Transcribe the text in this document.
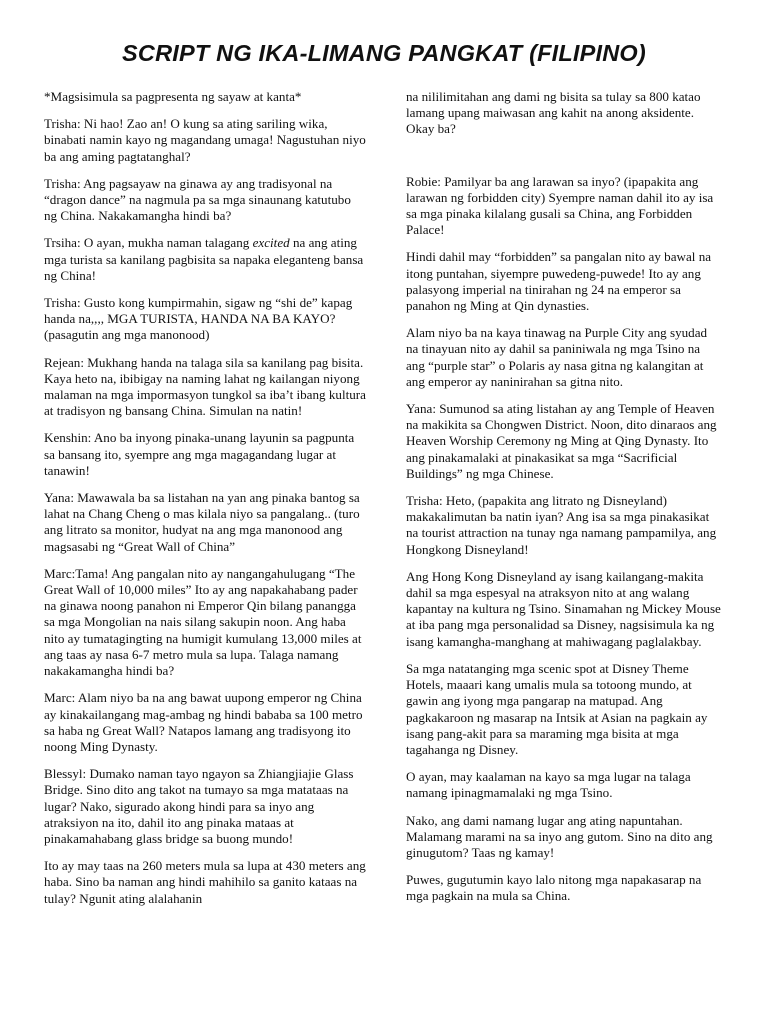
SCRIPT NG IKA-LIMANG PANGKAT (FILIPINO)

*Magsisimula sa pagpresenta ng sayaw at kanta*

Trisha: Ni hao! Zao an! O kung sa ating sariling wika, binabati namin kayo ng magandang umaga! Nagustuhan niyo ba ang aming pagtatanghal?

Trisha: Ang pagsayaw na ginawa ay ang tradisyonal na “dragon dance” na nagmula pa sa mga sinaunang katutubo ng China. Nakakamangha hindi ba?

Trsiha: O ayan, mukha naman talagang excited na ang ating mga turista sa kanilang pagbisita sa napaka eleganteng bansa ng China!

Trisha: Gusto kong kumpirmahin, sigaw ng “shi de” kapag handa na,,,, MGA TURISTA, HANDA NA BA KAYO? (pasagutin ang mga manonood)

Rejean: Mukhang handa na talaga sila sa kanilang pag bisita. Kaya heto na, ibibigay na naming lahat ng kailangan niyong malaman na mga impormasyon tungkol sa iba’t ibang kultura at tradisyon ng bansang China. Simulan na natin!

Kenshin: Ano ba inyong pinaka-unang layunin sa pagpunta sa bansang ito, syempre ang mga magagandang lugar at tanawin!

Yana: Mawawala ba sa listahan na yan ang pinaka bantog sa lahat na Chang Cheng o mas kilala niyo sa pangalang.. (turo ang litrato sa monitor, hudyat na ang mga manonood ang magsasabi ng “Great Wall of China”

Marc:Tama! Ang pangalan nito ay nangangahulugang “The Great Wall of 10,000 miles” Ito ay ang napakahabang pader na ginawa noong panahon ni Emperor Qin bilang panangga sa mga Mongolian na nais silang sakupin noon. Ang haba nito ay tumatagingting na humigit kumulang 13,000 miles at ang taas ay nasa 6-7 metro mula sa lupa. Talaga namang nakakamangha hindi ba?

Marc: Alam niyo ba na ang bawat uupong emperor ng China ay kinakailangang mag-ambag ng hindi bababa sa 100 metro sa haba ng Great Wall? Natapos lamang ang tradisyong ito noong Ming Dynasty.

Blessyl: Dumako naman tayo ngayon sa Zhiangjiajie Glass Bridge. Sino dito ang takot na tumayo sa mga matataas na lugar? Nako, sigurado akong hindi para sa inyo ang atraksiyon na ito, dahil ito ang pinaka mataas at pinakamahabang glass bridge sa buong mundo!

Ito ay may taas na 260 meters mula sa lupa at 430 meters ang haba. Sino ba naman ang hindi mahihilo sa ganito kataas na tulay? Ngunit ating alalahanin

na nililimitahan ang dami ng bisita sa tulay sa 800 katao lamang upang maiwasan ang kahit na anong aksidente. Okay ba?

Robie: Pamilyar ba ang larawan sa inyo? (ipapakita ang larawan ng forbidden city) Syempre naman dahil ito ay isa sa mga pinaka kilalang gusali sa China, ang Forbidden Palace!

Hindi dahil may “forbidden” sa pangalan nito ay bawal na itong puntahan, siyempre puwedeng-puwede! Ito ay ang palasyong imperial na tinirahan ng 24 na emperor sa panahon ng Ming at Qin dynasties.

Alam niyo ba na kaya tinawag na Purple City ang syudad na tinayuan nito ay dahil sa paniniwala ng mga Tsino na ang “purple star” o Polaris ay nasa gitna ng kalangitan at ang emperor ay naninirahan sa gitna nito.

Yana: Sumunod sa ating listahan ay ang Temple of Heaven na makikita sa Chongwen District. Noon, dito dinaraos ang Heaven Worship Ceremony ng Ming at Qing Dynasty. Ito ang pinakamalaki at pinakasikat sa mga “Sacrificial Buildings” ng mga Chinese.

Trisha: Heto, (papakita ang litrato ng Disneyland) makakalimutan ba natin iyan? Ang isa sa mga pinakasikat na tourist attraction na tunay nga namang pampamilya, ang Hongkong Disneyland!

Ang Hong Kong Disneyland ay isang kailangang-makita dahil sa mga espesyal na atraksyon nito at ang walang kapantay na kultura ng Tsino. Sinamahan ng Mickey Mouse at iba pang mga personalidad sa Disney, nagsisimula ka ng isang kamangha-manghang at mahiwagang paglalakbay.

Sa mga natatanging mga scenic spot at Disney Theme Hotels, maaari kang umalis mula sa totoong mundo, at gawin ang iyong mga pangarap na matupad. Ang pagkakaroon ng masarap na Intsik at Asian na pagkain ay isang pang-akit para sa maraming mga bisita at mga tagahanga ng Disney.

O ayan, may kaalaman na kayo sa mga lugar na talaga namang ipinagmamalaki ng mga Tsino.

Nako, ang dami namang lugar ang ating napuntahan. Malamang marami na sa inyo ang gutom. Sino na dito ang ginugutom? Taas ng kamay!

Puwes, gugutumin kayo lalo nitong mga napakasarap na mga pagkain na mula sa China.
